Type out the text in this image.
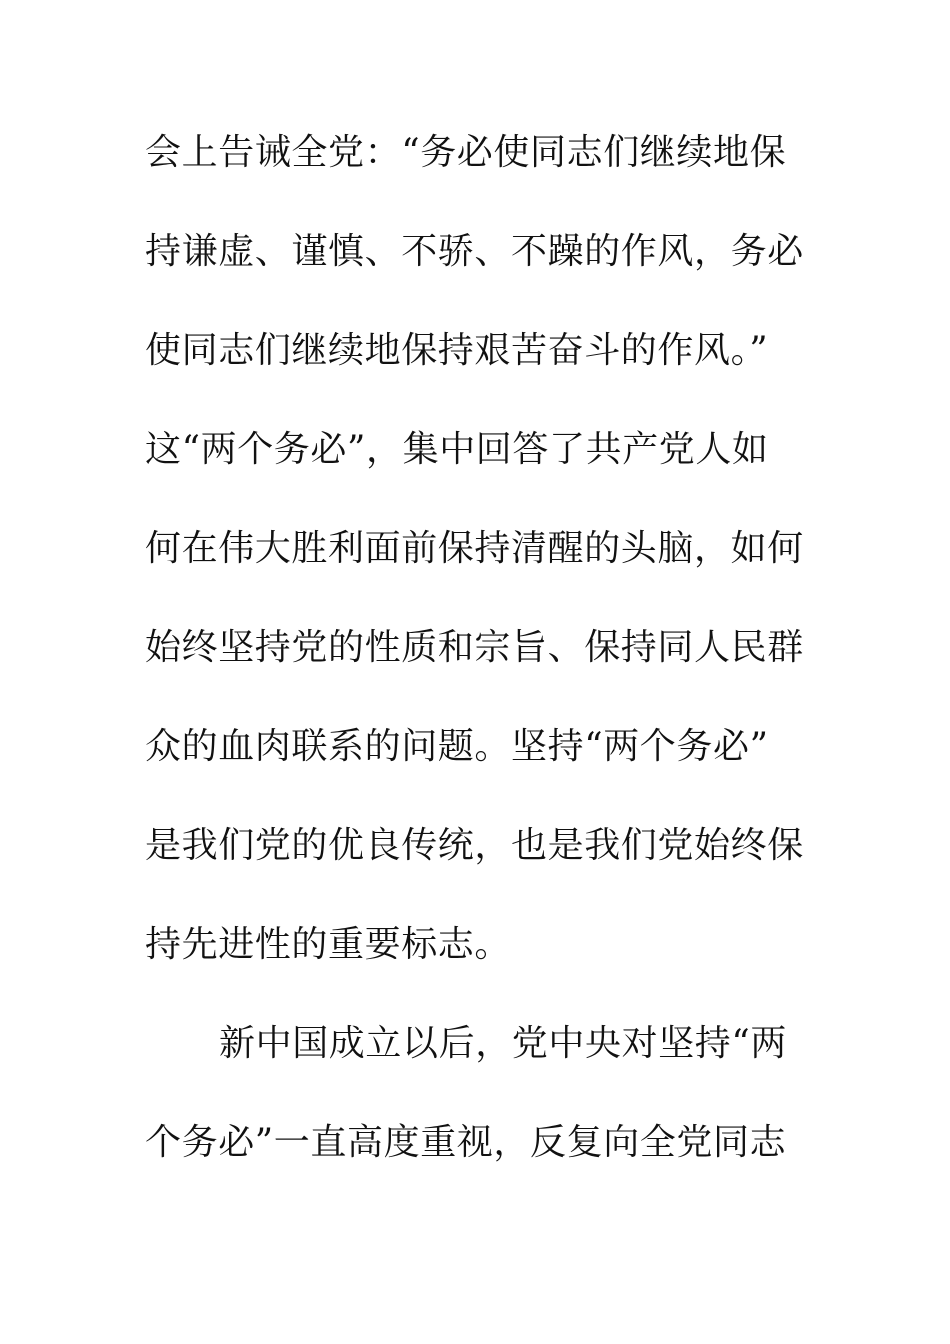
会上告诫全党：“务必使同志们继续地保
持谦虚、谨慎、不骄、不躁的作风，务必
使同志们继续地保持艰苦奋斗的作风。”
这“两个务必”，集中回答了共产党人如
何在伟大胜利面前保持清醒的头脑，如何
始终坚持党的性质和宗旨、保持同人民群
众的血肉联系的问题。坚持“两个务必”
是我们党的优良传统，也是我们党始终保
持先进性的重要标志。
新中国成立以后，党中央对坚持“两
个务必”一直高度重视，反复向全党同志
